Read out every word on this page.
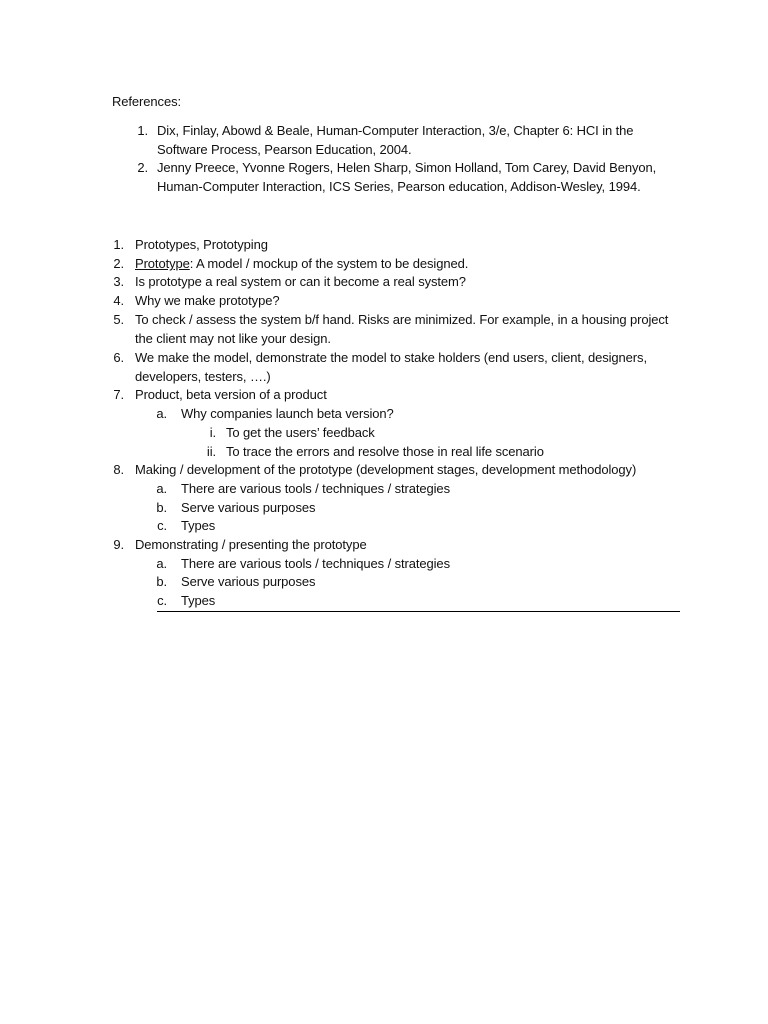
References:
1. Dix, Finlay, Abowd & Beale, Human-Computer Interaction, 3/e, Chapter 6: HCI in the
Software Process, Pearson Education, 2004.
2. Jenny Preece, Yvonne Rogers, Helen Sharp, Simon Holland, Tom Carey, David Benyon,
Human-Computer Interaction, ICS Series, Pearson education, Addison-Wesley, 1994.
1. Prototypes, Prototyping
2. Prototype: A model / mockup of the system to be designed.
3. Is prototype a real system or can it become a real system?
4. Why we make prototype?
5. To check / assess the system b/f hand. Risks are minimized. For example, in a housing project
the client may not like your design.
6. We make the model, demonstrate the model to stake holders (end users, client, designers,
developers, testers, ….)
7. Product, beta version of a product
a. Why companies launch beta version?
i. To get the users’ feedback
ii. To trace the errors and resolve those in real life scenario
8. Making / development of the prototype (development stages, development methodology)
a. There are various tools / techniques / strategies
b. Serve various purposes
c. Types
9. Demonstrating / presenting the prototype
a. There are various tools / techniques / strategies
b. Serve various purposes
c. Types
